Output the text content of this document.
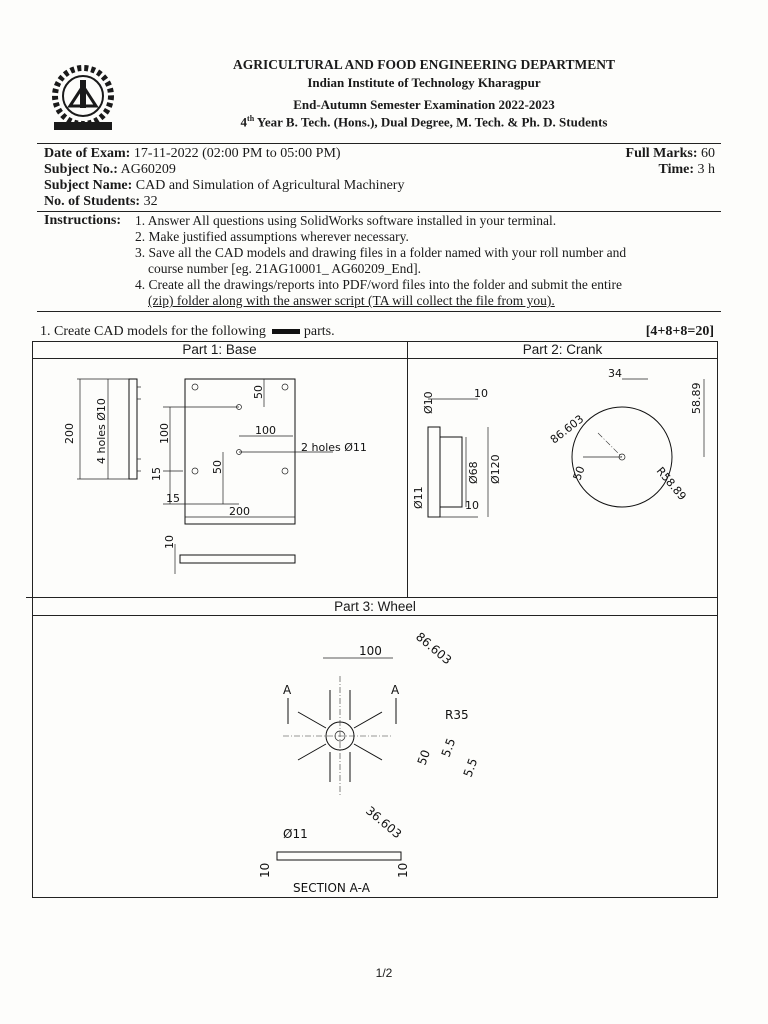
AGRICULTURAL AND FOOD ENGINEERING DEPARTMENT
Indian Institute of Technology Kharagpur
End-Autumn Semester Examination 2022-2023
4th Year B. Tech. (Hons.), Dual Degree, M. Tech. & Ph. D. Students
Date of Exam: 17-11-2022 (02:00 PM to 05:00 PM)	Full Marks: 60
Subject No.: AG60209	Time: 3 h
Subject Name: CAD and Simulation of Agricultural Machinery
No. of Students: 32
Instructions: 1. Answer All questions using SolidWorks software installed in your terminal.
2. Make justified assumptions wherever necessary.
3. Save all the CAD models and drawing files in a folder named with your roll number and
course number [eg. 21AG10001_ AG60209_End].
4. Create all the drawings/reports into PDF/word files into the folder and submit the entire
(zip) folder along with the answer script (TA will collect the file from you).
1. Create CAD models for the following  parts.	[4+8+8=20]
Part 1: Base	Part 2: Crank
Part 3: Wheel
200 4 holes Ø10	100
50
100
2 holes Ø11
50
15
15
200
10
Ø10	10
Ø68 Ø120
Ø11	10
34
58.89
86.603
50	R58.89
100	86.603
A	A
R35
50 5.5
5.5
36.603
Ø11
10	10
SECTION A-A
1/2
